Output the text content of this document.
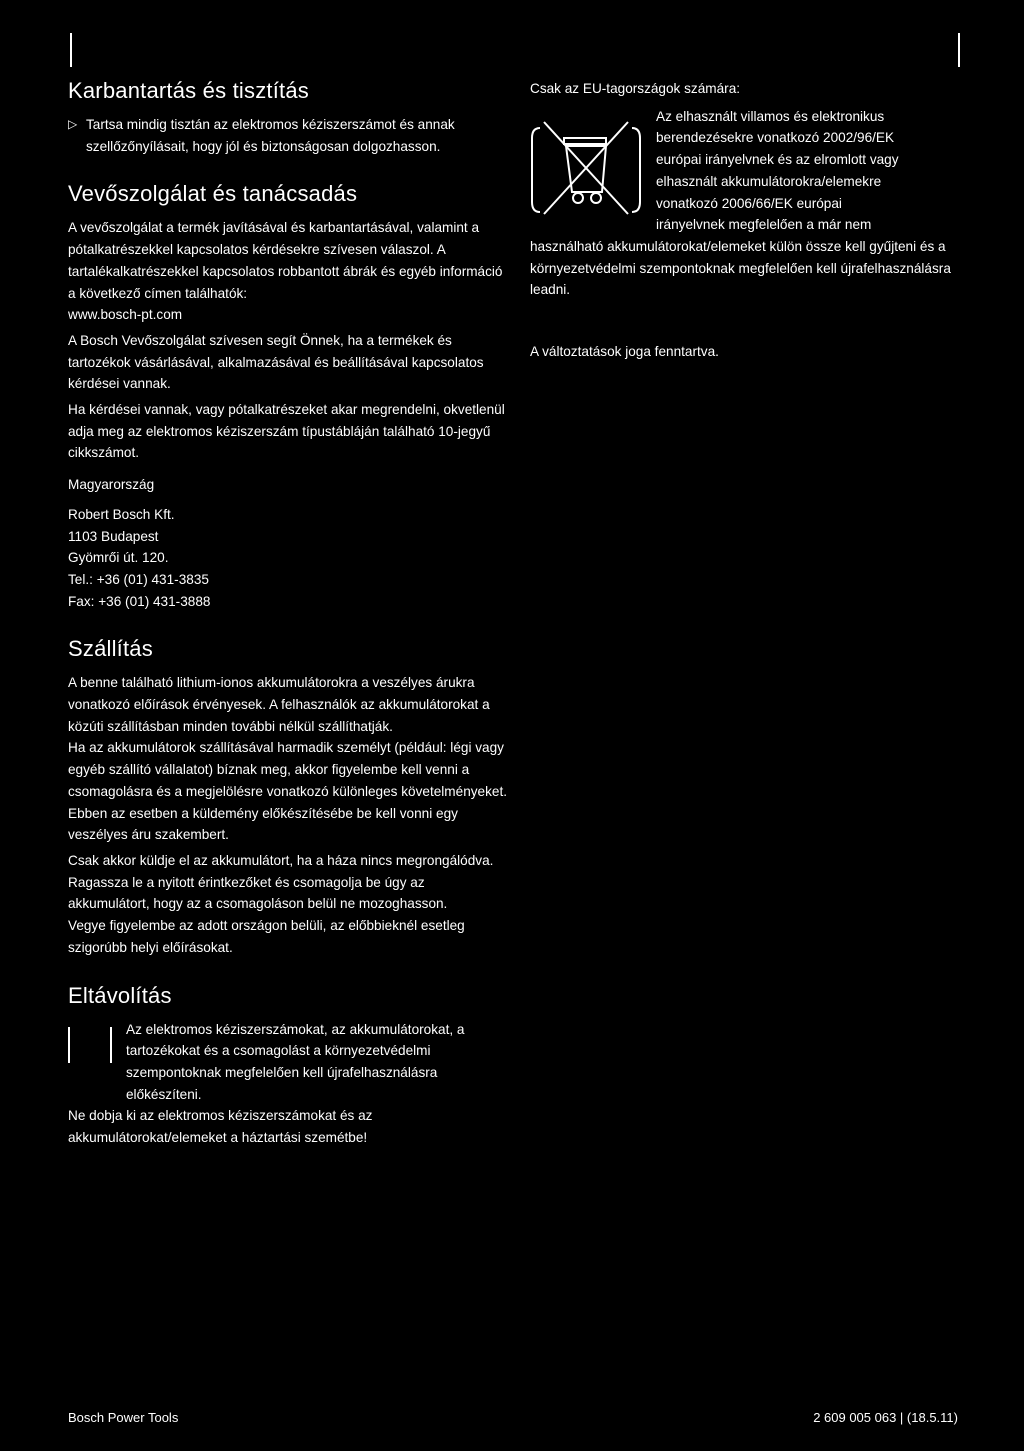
Karbantartás és tisztítás
▷ Tartsa mindig tisztán az elektromos kéziszerszámot és annak szellőzőnyílásait, hogy jól és biztonságosan dolgozhasson.
Vevőszolgálat és tanácsadás

A vevőszolgálat a termék javításával és karbantartásával, valamint a pótalkatrészekkel kapcsolatos kérdésekre szívesen válaszol. A tartalékalkatrészekkel kapcsolatos robbantott ábrák és egyéb információ a következő címen találhatók:

www.bosch-pt.com

A Bosch Vevőszolgálat szívesen segít Önnek, ha a termékek és tartozékok vásárlásával, alkalmazásával és beállításával kapcsolatos kérdései vannak.

Ha kérdései vannak, vagy pótalkatrészeket akar megrendelni, okvetlenül adja meg az elektromos kéziszerszám típustábláján található 10-jegyű cikkszámot.

Magyarország
Robert Bosch Kft.
1103 Budapest
Gyömrői út. 120.
Tel.: +36 (01) 431-3835
Fax: +36 (01) 431-3888
Szállítás

A benne található lithium-ionos akkumulátorokra a veszélyes árukra vonatkozó előírások érvényesek. A felhasználók az akkumulátorokat a közúti szállításban minden további nélkül szállíthatják.

Ha az akkumulátorok szállításával harmadik személyt (például: légi vagy egyéb szállító vállalatot) bíznak meg, akkor figyelembe kell venni a csomagolásra és a megjelölésre vonatkozó különleges követelményeket. Ebben az esetben a küldemény előkészítésébe be kell vonni egy veszélyes áru szakembert.

Csak akkor küldje el az akkumulátort, ha a háza nincs megrongálódva. Ragassza le a nyitott érintkezőket és csomagolja be úgy az akkumulátort, hogy az a csomagoláson belül ne mozoghasson.

Vegye figyelembe az adott országon belüli, az előbbieknél esetleg szigorúbb helyi előírásokat.

Eltávolítás
Az elektromos kéziszerszámokat, az akkumulátorokat, a tartozékokat és a csomagolást a környezetvédelmi szempontoknak megfelelően kell újrafelhasználásra előkészíteni.

Ne dobja ki az elektromos kéziszerszámokat és az akkumulátorokat/elemeket a háztartási szemétbe!

Csak az EU-tagországok számára:

Az elhasznált villamos és elektronikus
berendezésekre vonatkozó 2002/96/EK
európai irányelvnek és az elromlott vagy
elhasznált akkumulátorokra/elemekre
vonatkozó 2006/66/EK európai
irányelvnek megfelelően a már nem
használható akkumulátorokat/elemeket külön össze kell gyűjteni és a környezetvédelmi szempontoknak megfelelően kell újrafelhasználásra leadni.

A változtatások joga fenntartva.

Bosch Power Tools	2 609 005 063 | (18.5.11)
